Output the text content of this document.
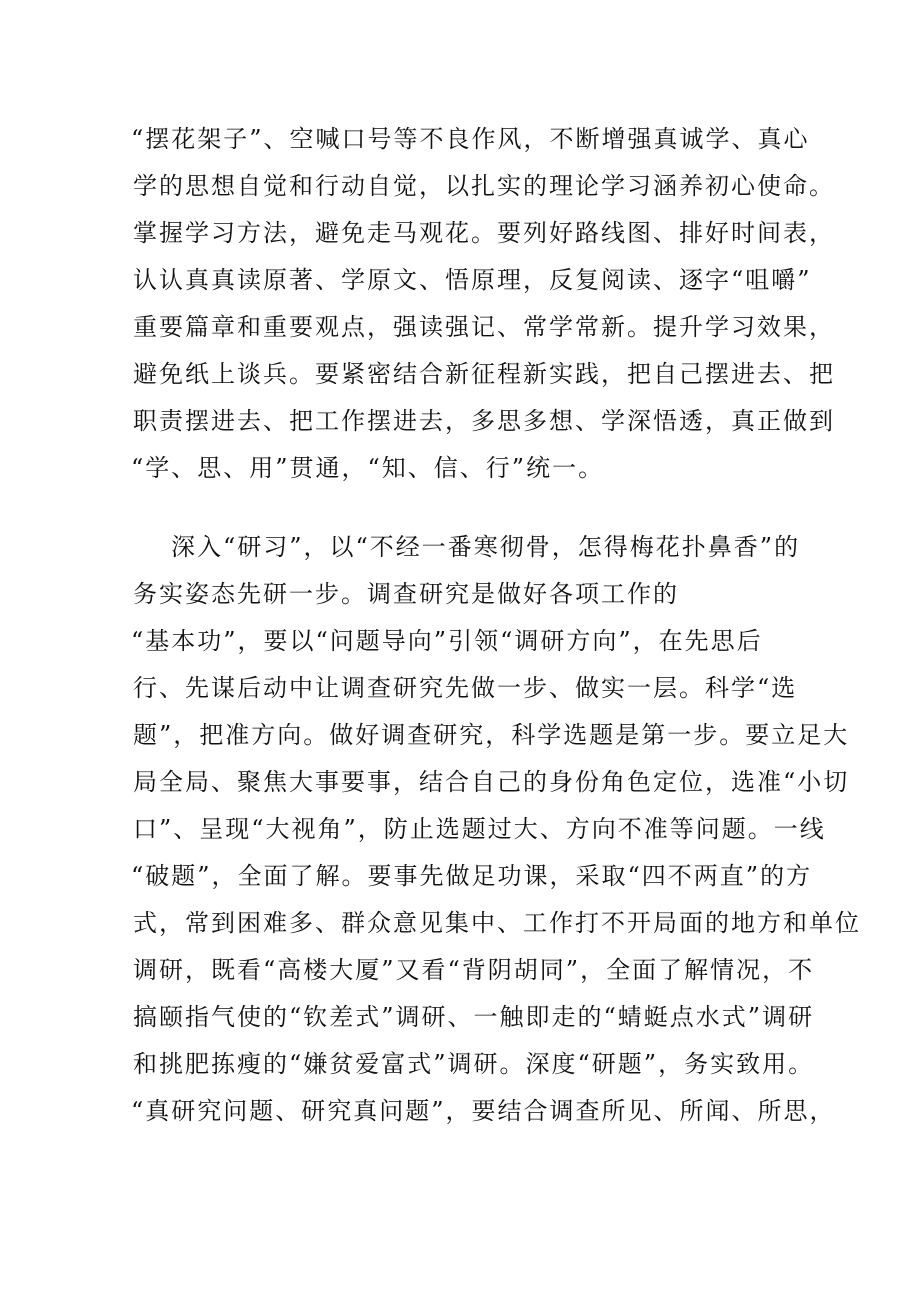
“摆花架子”、空喊口号等不良作风，不断增强真诚学、真心
学的思想自觉和行动自觉，以扎实的理论学习涵养初心使命。
掌握学习方法，避免走马观花。要列好路线图、排好时间表，
认认真真读原著、学原文、悟原理，反复阅读、逐字“咀嚼”
重要篇章和重要观点，强读强记、常学常新。提升学习效果，
避免纸上谈兵。要紧密结合新征程新实践，把自己摆进去、把
职责摆进去、把工作摆进去，多思多想、学深悟透，真正做到
“学、思、用”贯通，“知、信、行”统一。
深入“研习”，以“不经一番寒彻骨，怎得梅花扑鼻香”的
务实姿态先研一步。调查研究是做好各项工作的
“基本功”，要以“问题导向”引领“调研方向”，在先思后
行、先谋后动中让调查研究先做一步、做实一层。科学“选
题”，把准方向。做好调查研究，科学选题是第一步。要立足大
局全局、聚焦大事要事，结合自己的身份角色定位，选准“小切
口”、呈现“大视角”，防止选题过大、方向不准等问题。一线
“破题”，全面了解。要事先做足功课，采取“四不两直”的方
式，常到困难多、群众意见集中、工作打不开局面的地方和单位
调研，既看“高楼大厦”又看“背阴胡同”，全面了解情况，不
搞颐指气使的“钦差式”调研、一触即走的“蜻蜓点水式”调研
和挑肥拣瘦的“嫌贫爱富式”调研。深度“研题”，务实致用。
“真研究问题、研究真问题”，要结合调查所见、所闻、所思，
